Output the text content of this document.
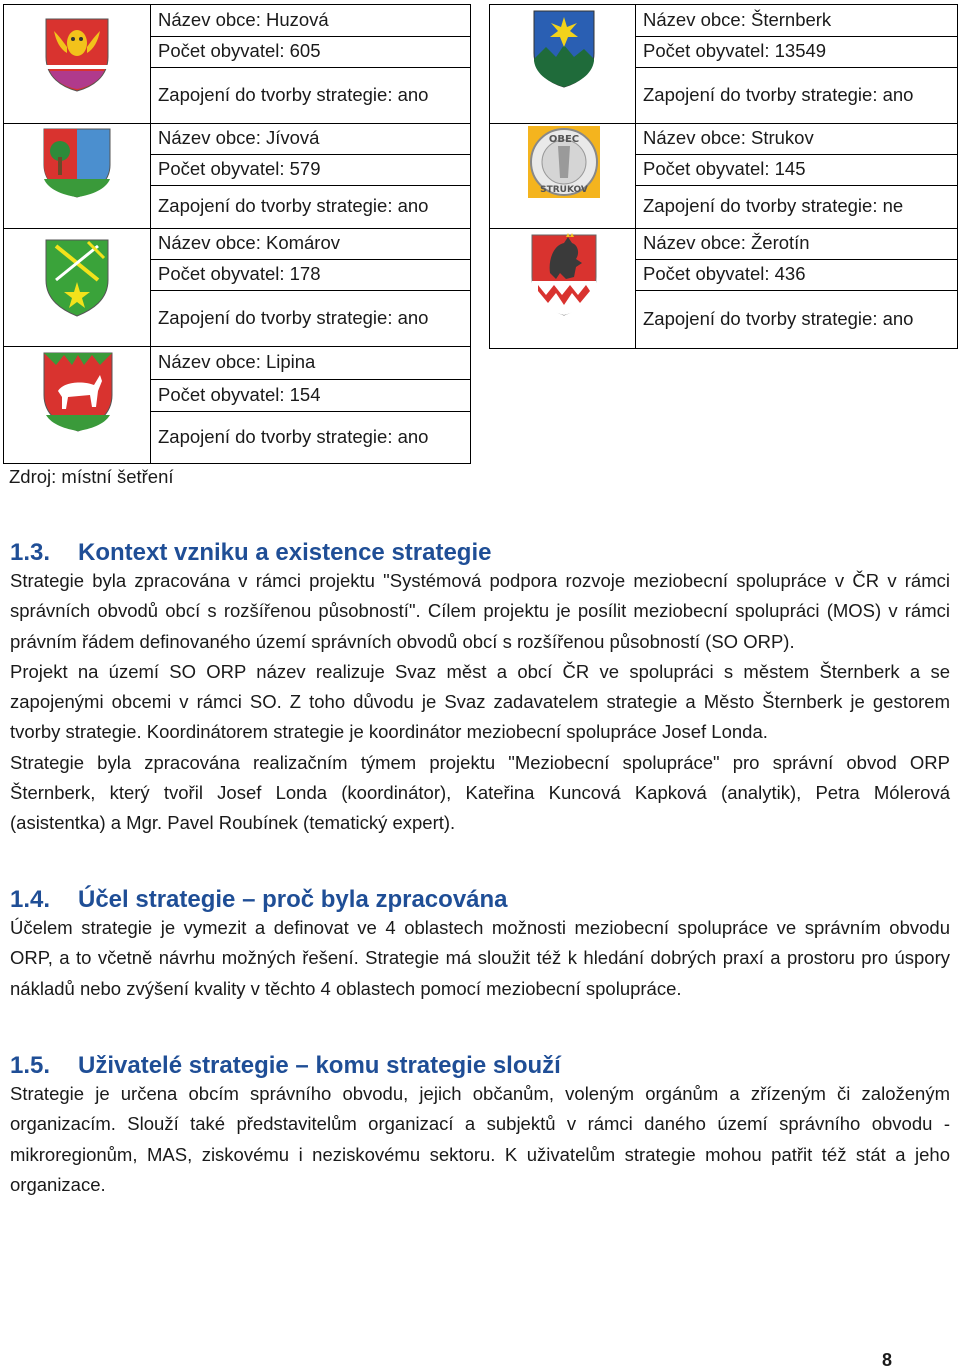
Název obce: Huzová
Počet obyvatel: 605
Zapojení do tvorby strategie: ano
Název obce: Jívová
Počet obyvatel: 579
Zapojení do tvorby strategie: ano
Název obce: Komárov
Počet obyvatel: 178
Zapojení do tvorby strategie: ano
Název obce: Lipina
Počet obyvatel: 154
Zapojení do tvorby strategie: ano
Název obce: Šternberk
Počet obyvatel: 13549
Zapojení do tvorby strategie: ano
Název obce: Strukov
Počet obyvatel: 145
Zapojení do tvorby strategie: ne
Název obce: Žerotín
Počet obyvatel: 436
Zapojení do tvorby strategie: ano
OBEC
STRUKOV
Zdroj: místní šetření
1.3. Kontext vzniku a existence strategie

Strategie byla zpracována v rámci projektu "Systémová podpora rozvoje meziobecní spolupráce v ČR v rámci správních obvodů obcí s rozšířenou působností". Cílem projektu je posílit meziobecní spolupráci (MOS) v rámci právním řádem definovaného území správních obvodů obcí s rozšířenou působností (SO ORP).

Projekt na území SO ORP název realizuje Svaz měst a obcí ČR ve spolupráci s městem Šternberk a se zapojenými obcemi v rámci SO. Z toho důvodu je Svaz zadavatelem strategie a Město Šternberk je gestorem tvorby strategie. Koordinátorem strategie je koordinátor meziobecní spolupráce Josef Londa.

Strategie byla zpracována realizačním týmem projektu "Meziobecní spolupráce" pro správní obvod ORP Šternberk, který tvořil Josef Londa (koordinátor), Kateřina Kuncová Kapková (analytik), Petra Mólerová (asistentka) a Mgr. Pavel Roubínek (tematický expert).

1.4. Účel strategie – proč byla zpracována

Účelem strategie je vymezit a definovat ve 4 oblastech možnosti meziobecní spolupráce ve správním obvodu ORP, a to včetně návrhu možných řešení. Strategie má sloužit též k hledání dobrých praxí a prostoru pro úspory nákladů nebo zvýšení kvality v těchto 4 oblastech pomocí meziobecní spolupráce.

1.5. Uživatelé strategie – komu strategie slouží

Strategie je určena obcím správního obvodu, jejich občanům, voleným orgánům a zřízeným či založeným organizacím. Slouží také představitelům organizací a subjektů v rámci daného území správního obvodu - mikroregionům, MAS, ziskovému i neziskovému sektoru. K uživatelům strategie mohou patřit též stát a jeho organizace.

8
